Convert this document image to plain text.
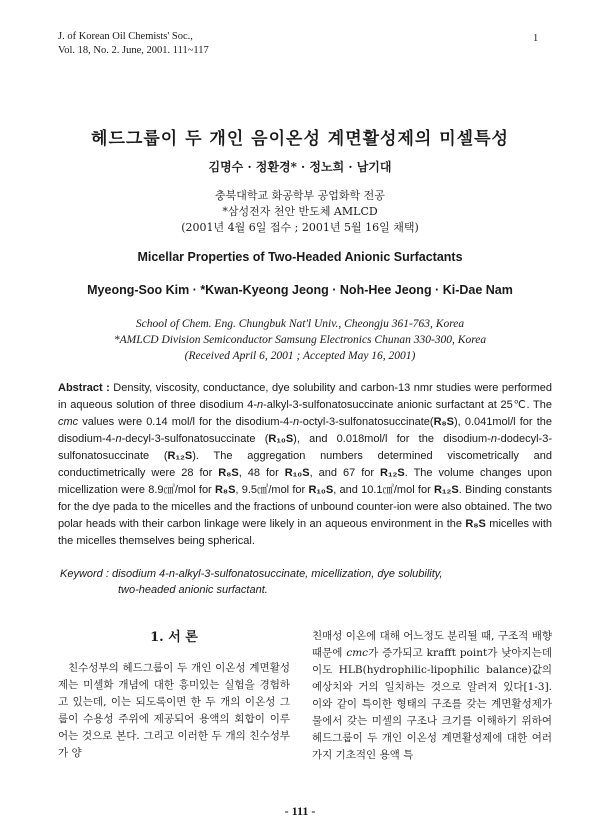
J. of Korean Oil Chemists' Soc.,
Vol. 18, No. 2. June, 2001. 111~117
1
헤드그룹이 두 개인 음이온성 계면활성제의 미셀특성
김명수 · 정환경* · 정노희 · 남기대
충북대학교 화공학부 공업화학 전공
*삼성전자 천안 반도체 AMLCD
(2001년 4월 6일 접수 ; 2001년 5월 16일 채택)
Micellar Properties of Two-Headed Anionic Surfactants
Myeong-Soo Kim · *Kwan-Kyeong Jeong · Noh-Hee Jeong · Ki-Dae Nam
School of Chem. Eng. Chungbuk Nat'l Univ., Cheongju 361-763, Korea
*AMLCD Division Semiconductor Samsung Electronics Chunan 330-300, Korea
(Received April 6, 2001 ; Accepted May 16, 2001)
Abstract : Density, viscosity, conductance, dye solubility and carbon-13 nmr studies were performed in aqueous solution of three disodium 4-n-alkyl-3-sulfonatosuccinate anionic surfactant at 25℃. The cmc values were 0.14 mol/l for the disodium-4-n-octyl-3-sulfonatosuccinate(R₈S), 0.041mol/l for the disodium-4-n-decyl-3-sulfonatosuccinate (R₁₀S), and 0.018mol/l for the disodium-n-dodecyl-3-sulfonatosuccinate (R₁₂S). The aggregation numbers determined viscometrically and conductimetrically were 28 for R₈S, 48 for R₁₀S, and 67 for R₁₂S. The volume changes upon micellization were 8.9㎤/mol for R₈S, 9.5㎤/mol for R₁₀S, and 10.1㎤/mol for R₁₂S. Binding constants for the dye pada to the micelles and the fractions of unbound counter-ion were also obtained. The two polar heads with their carbon linkage were likely in an aqueous environment in the R₈S micelles with the micelles themselves being spherical.
Keyword : disodium 4-n-alkyl-3-sulfonatosuccinate, micellization, dye solubility,
two-headed anionic surfactant.
1. 서 론
친수성부의 헤드그룹이 두 개인 이온성 계면활성제는 미셀화 개념에 대한 흥미있는 실험을 경험하고 있는데, 이는 되도록이면 한 두 개의 이온성 그룹이 수용성 주위에 제공되어 용액의 회합이 이루어는 것으로 본다. 그리고 이러한 두 개의 친수성부가 양
친매성 이온에 대해 어느정도 분리될 때, 구조적 배향 때문에 cmc가 증가되고 krafft point가 낮아지는데 이도 HLB(hydrophilic-lipophilic balance)값의 예상치와 거의 일치하는 것으로 알려져 있다[1-3]. 이와 같이 특이한 형태의 구조를 갖는 계면활성제가 물에서 갖는 미셀의 구조나 크기를 이해하기 위하여 헤드그룹이 두 개인 이온성 계면활성제에 대한 여러 가지 기초적인 용액 특
- 111 -
